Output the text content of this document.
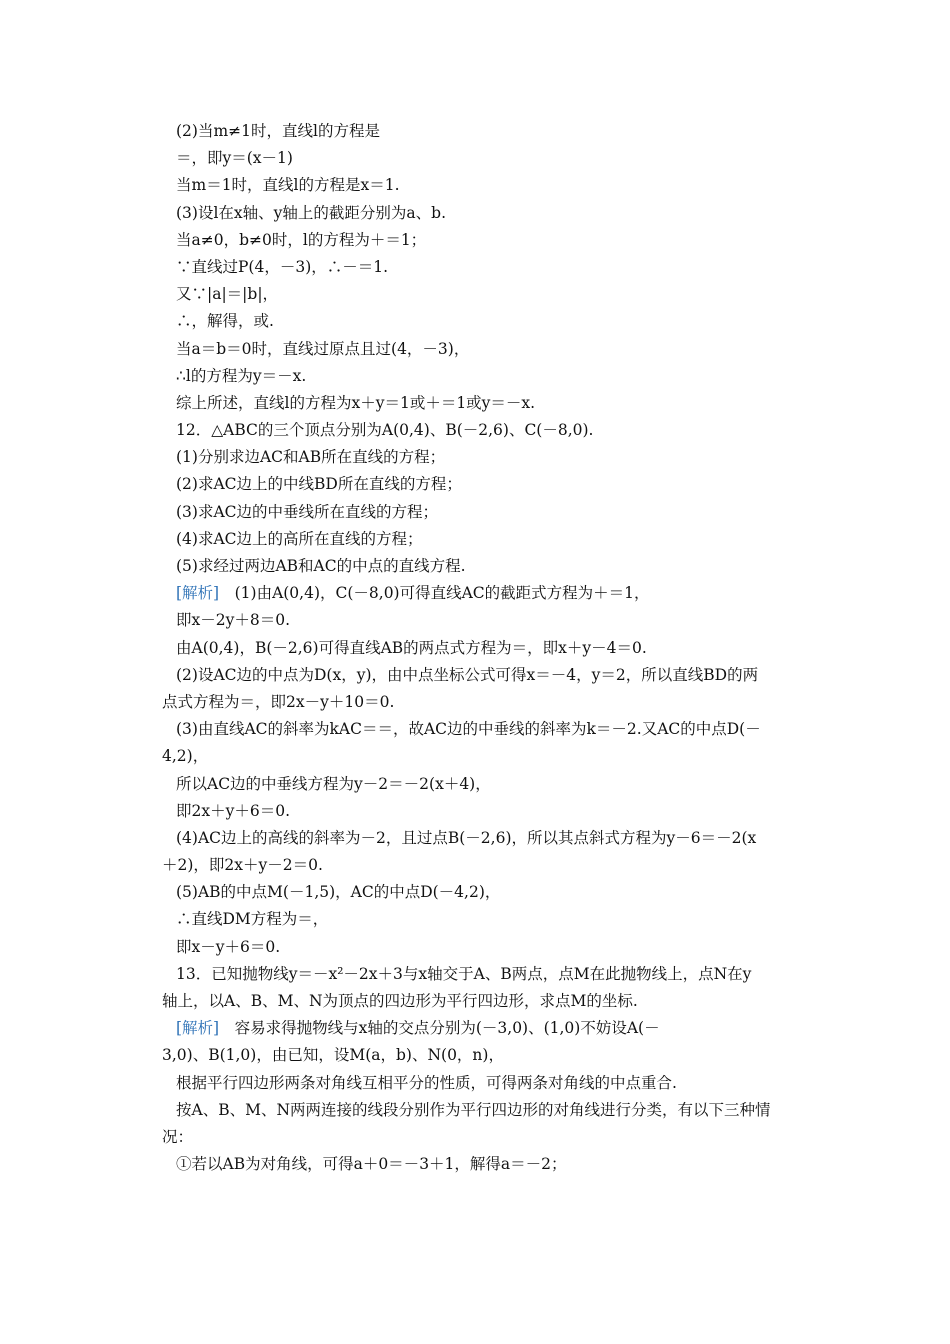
(2)当m≠1时，直线l的方程是
＝，即y＝(x－1)
当m＝1时，直线l的方程是x＝1.
(3)设l在x轴、y轴上的截距分别为a、b.
当a≠0，b≠0时，l的方程为＋＝1；
∵直线过P(4，－3)，∴－＝1.
又∵|a|＝|b|，
∴，解得，或.
当a＝b＝0时，直线过原点且过(4，－3)，
∴l的方程为y＝－x.
综上所述，直线l的方程为x＋y＝1或＋＝1或y＝－x.
12．△ABC的三个顶点分别为A(0,4)、B(－2,6)、C(－8,0).
(1)分别求边AC和AB所在直线的方程；
(2)求AC边上的中线BD所在直线的方程；
(3)求AC边的中垂线所在直线的方程；
(4)求AC边上的高所在直线的方程；
(5)求经过两边AB和AC的中点的直线方程.
[解析]　(1)由A(0,4)，C(－8,0)可得直线AC的截距式方程为＋＝1，
即x－2y＋8＝0.
由A(0,4)，B(－2,6)可得直线AB的两点式方程为＝，即x＋y－4＝0.
(2)设AC边的中点为D(x，y)，由中点坐标公式可得x＝－4，y＝2，所以直线BD的两
点式方程为＝，即2x－y＋10＝0.
(3)由直线AC的斜率为kAC＝＝，故AC边的中垂线的斜率为k＝－2.又AC的中点D(－
4,2)，
所以AC边的中垂线方程为y－2＝－2(x＋4)，
即2x＋y＋6＝0.
(4)AC边上的高线的斜率为－2，且过点B(－2,6)，所以其点斜式方程为y－6＝－2(x
＋2)，即2x＋y－2＝0.
(5)AB的中点M(－1,5)，AC的中点D(－4,2)，
∴直线DM方程为＝，
即x－y＋6＝0.
13．已知抛物线y＝－x²－2x＋3与x轴交于A、B两点，点M在此抛物线上，点N在y
轴上，以A、B、M、N为顶点的四边形为平行四边形，求点M的坐标.
[解析]　容易求得抛物线与x轴的交点分别为(－3,0)、(1,0)不妨设A(－
3,0)、B(1,0)，由已知，设M(a，b)、N(0，n)，
根据平行四边形两条对角线互相平分的性质，可得两条对角线的中点重合.
按A、B、M、N两两连接的线段分别作为平行四边形的对角线进行分类，有以下三种情
况：
①若以AB为对角线，可得a＋0＝－3＋1，解得a＝－2；
